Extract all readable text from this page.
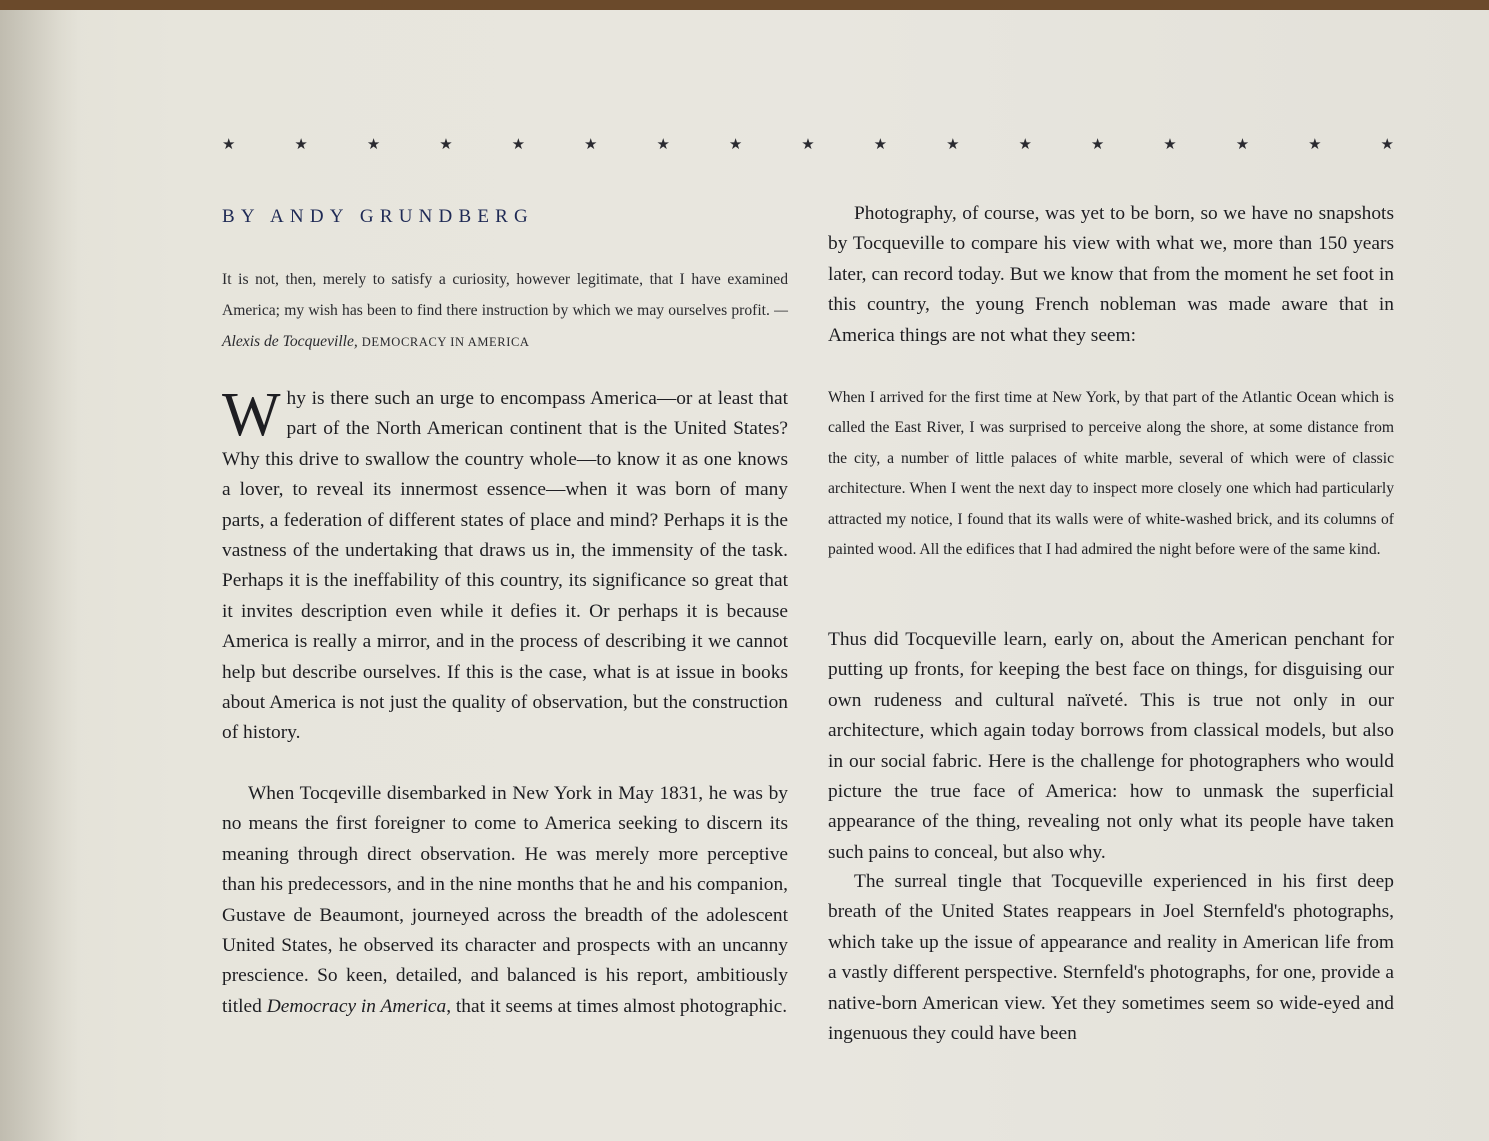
★	★	★	★	★	★	★	★	★	★	★	★	★	★	★	★	★
BY ANDY GRUNDBERG
It is not, then, merely to satisfy a curiosity, however legitimate, that I have examined America; my wish has been to find there instruction by which we may ourselves profit. —Alexis de Tocqueville, DEMOCRACY IN AMERICA

Why is there such an urge to encompass America—or at least that part of the North American continent that is the United States? Why this drive to swallow the country whole—to know it as one knows a lover, to reveal its innermost essence—when it was born of many parts, a federation of different states of place and mind? Perhaps it is the vastness of the undertaking that draws us in, the immensity of the task. Perhaps it is the ineffability of this country, its significance so great that it invites description even while it defies it. Or perhaps it is because America is really a mirror, and in the process of describing it we cannot help but describe ourselves. If this is the case, what is at issue in books about America is not just the quality of observation, but the construction of history.

When Tocqeville disembarked in New York in May 1831, he was by no means the first foreigner to come to America seeking to discern its meaning through direct observation. He was merely more perceptive than his predecessors, and in the nine months that he and his companion, Gustave de Beaumont, journeyed across the breadth of the adolescent United States, he observed its character and prospects with an uncanny prescience. So keen, detailed, and balanced is his report, ambitiously titled Democracy in America, that it seems at times almost photographic.

Photography, of course, was yet to be born, so we have no snapshots by Tocqueville to compare his view with what we, more than 150 years later, can record today. But we know that from the moment he set foot in this country, the young French nobleman was made aware that in America things are not what they seem:

When I arrived for the first time at New York, by that part of the Atlantic Ocean which is called the East River, I was surprised to perceive along the shore, at some distance from the city, a number of little palaces of white marble, several of which were of classic architecture. When I went the next day to inspect more closely one which had particularly attracted my notice, I found that its walls were of white-washed brick, and its columns of painted wood. All the edifices that I had admired the night before were of the same kind.

Thus did Tocqueville learn, early on, about the American penchant for putting up fronts, for keeping the best face on things, for disguising our own rudeness and cultural naïveté. This is true not only in our architecture, which again today borrows from classical models, but also in our social fabric. Here is the challenge for photographers who would picture the true face of America: how to unmask the superficial appearance of the thing, revealing not only what its people have taken such pains to conceal, but also why.

The surreal tingle that Tocqueville experienced in his first deep breath of the United States reappears in Joel Sternfeld's photographs, which take up the issue of appearance and reality in American life from a vastly different perspective. Sternfeld's photographs, for one, provide a native-born American view. Yet they sometimes seem so wide-eyed and ingenuous they could have been
